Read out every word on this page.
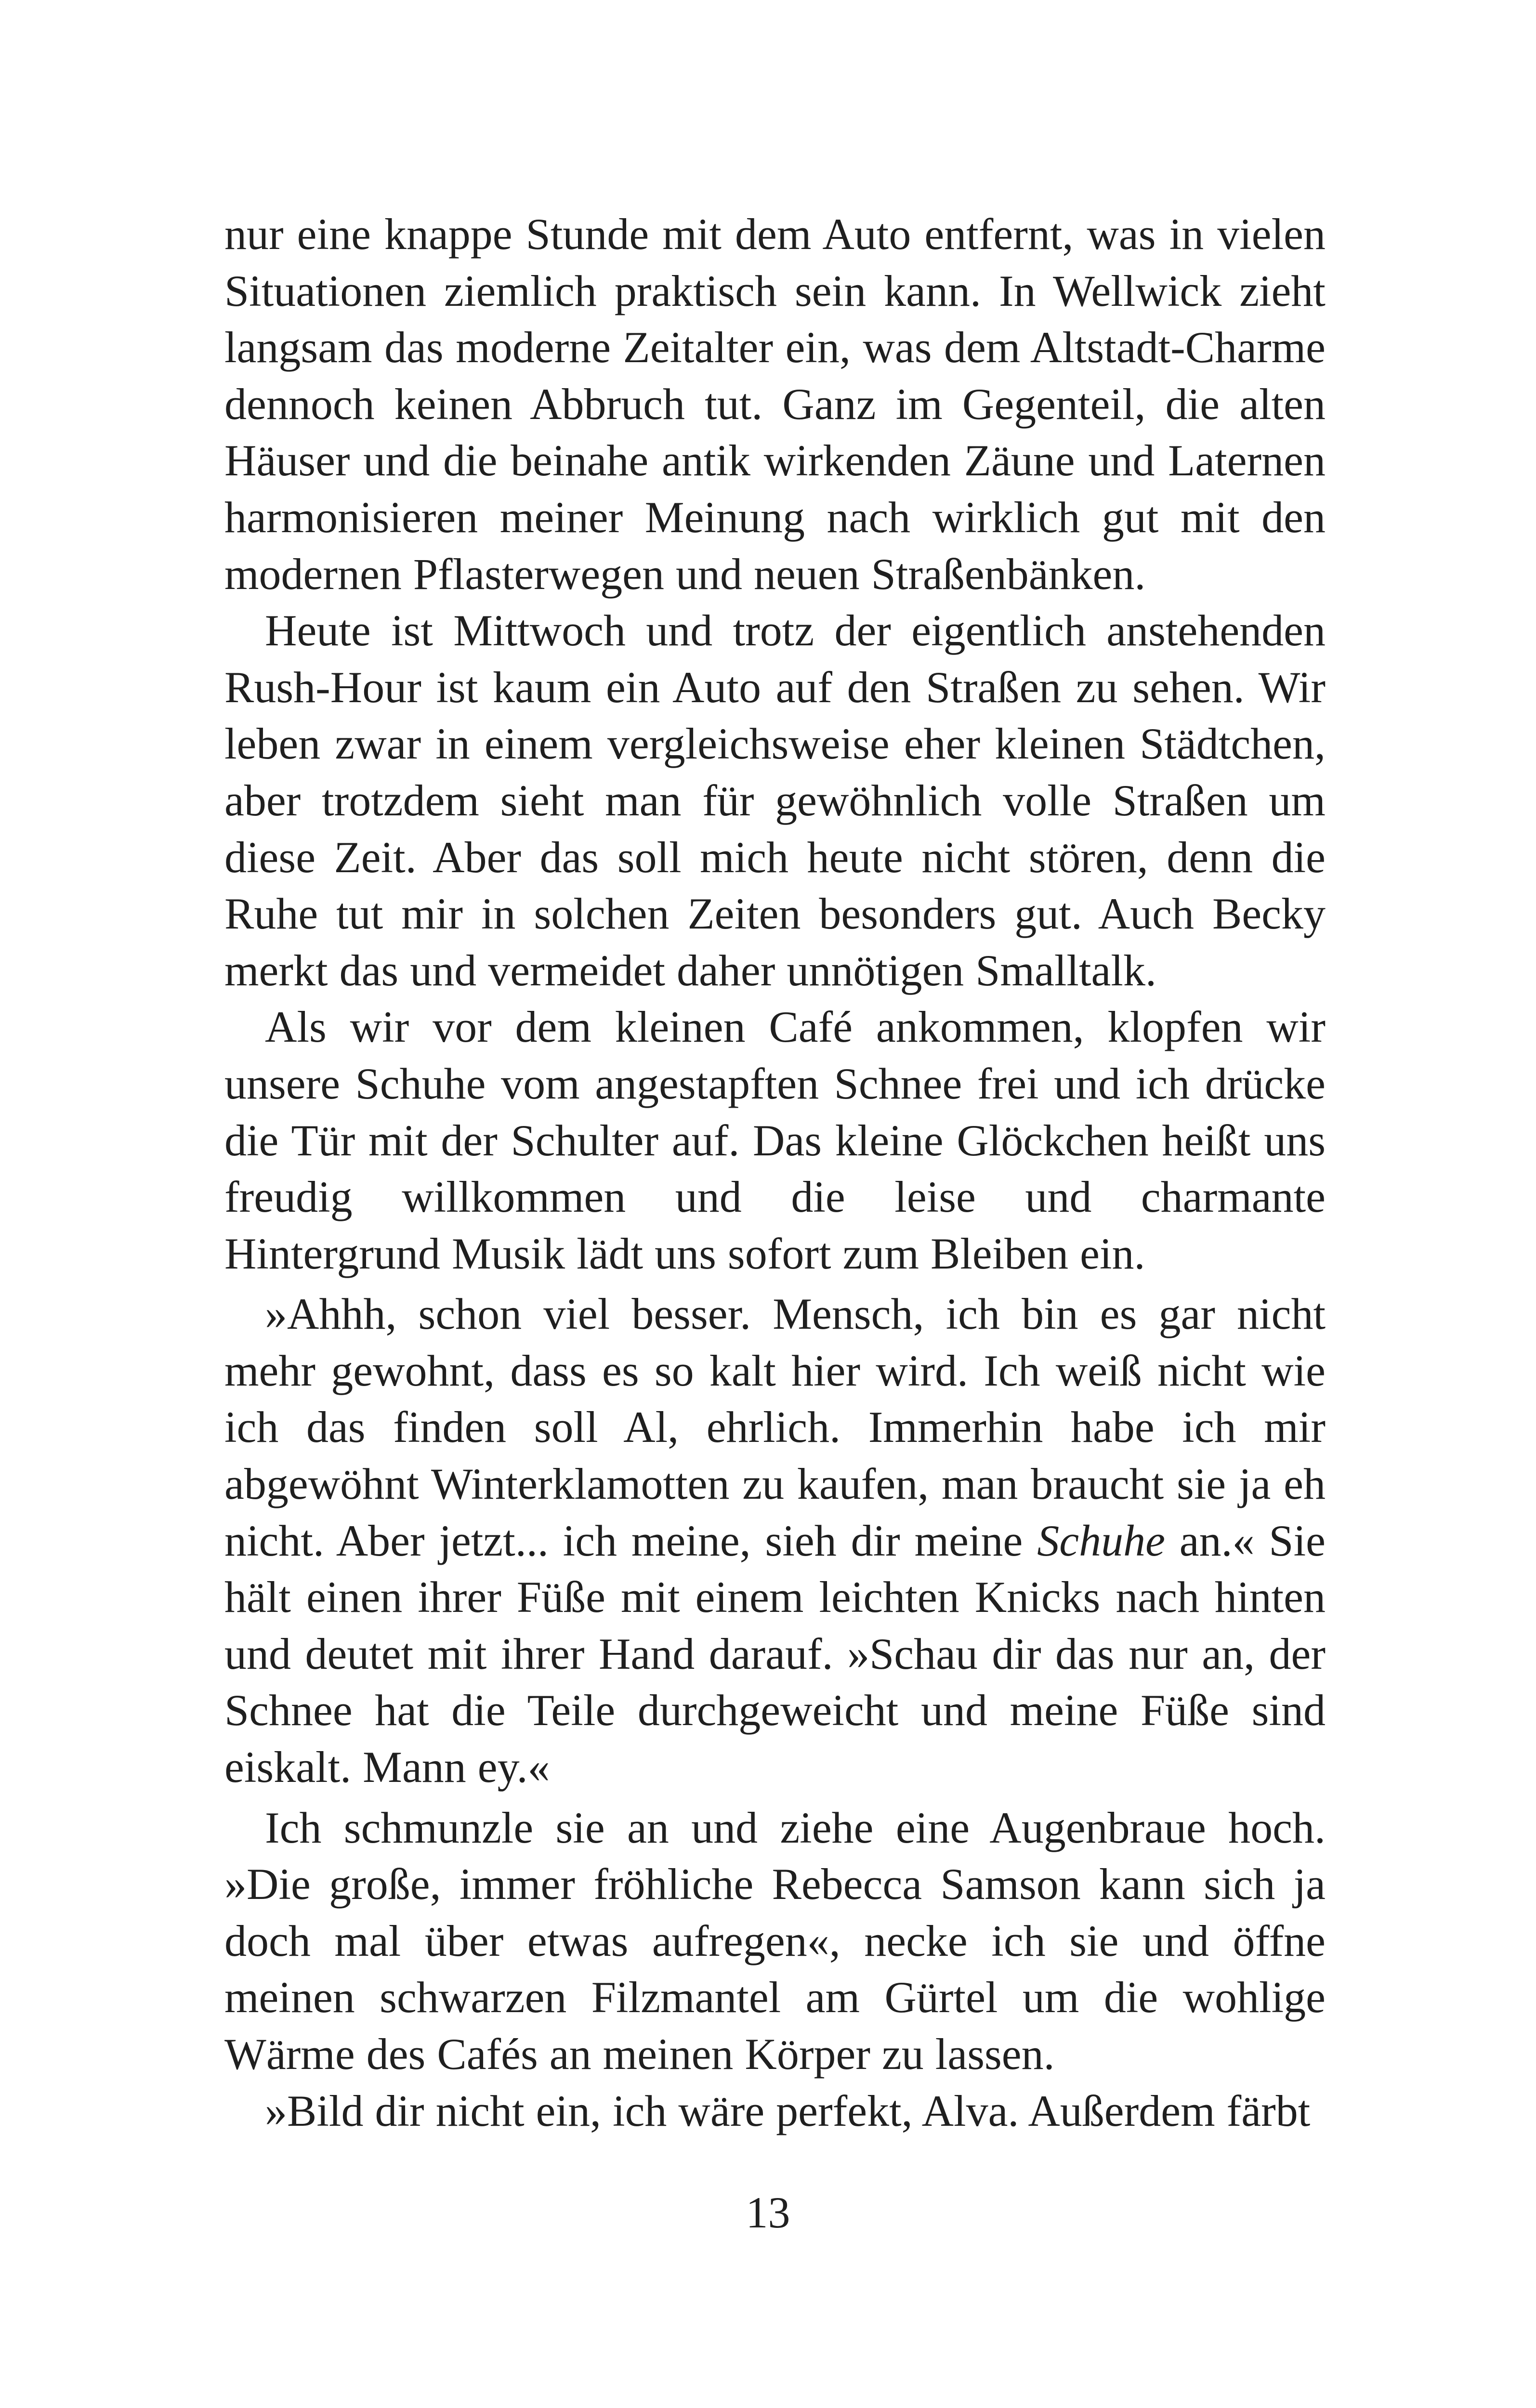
nur eine knappe Stunde mit dem Auto entfernt, was in vielen Situationen ziemlich praktisch sein kann. In Wellwick zieht langsam das moderne Zeitalter ein, was dem Altstadt-Charme dennoch keinen Abbruch tut. Ganz im Gegenteil, die alten Häuser und die beinahe antik wirkenden Zäune und Laternen harmonisieren meiner Meinung nach wirklich gut mit den modernen Pflasterwegen und neuen Straßenbänken.

Heute ist Mittwoch und trotz der eigentlich anstehenden Rush-Hour ist kaum ein Auto auf den Straßen zu sehen. Wir leben zwar in einem vergleichsweise eher kleinen Städtchen, aber trotzdem sieht man für gewöhnlich volle Straßen um diese Zeit. Aber das soll mich heute nicht stören, denn die Ruhe tut mir in solchen Zeiten besonders gut. Auch Becky merkt das und vermeidet daher unnötigen Smalltalk.

Als wir vor dem kleinen Café ankommen, klopfen wir unsere Schuhe vom angestapften Schnee frei und ich drücke die Tür mit der Schulter auf. Das kleine Glöckchen heißt uns freudig willkommen und die leise und charmante Hintergrund Musik lädt uns sofort zum Bleiben ein.

»Ahhh, schon viel besser. Mensch, ich bin es gar nicht mehr gewohnt, dass es so kalt hier wird. Ich weiß nicht wie ich das finden soll Al, ehrlich. Immerhin habe ich mir abgewöhnt Winterklamotten zu kaufen, man braucht sie ja eh nicht. Aber jetzt... ich meine, sieh dir meine Schuhe an.« Sie hält einen ihrer Füße mit einem leichten Knicks nach hinten und deutet mit ihrer Hand darauf. »Schau dir das nur an, der Schnee hat die Teile durchgeweicht und meine Füße sind eiskalt. Mann ey.«

Ich schmunzle sie an und ziehe eine Augenbraue hoch. »Die große, immer fröhliche Rebecca Samson kann sich ja doch mal über etwas aufregen«, necke ich sie und öffne meinen schwarzen Filzmantel am Gürtel um die wohlige Wärme des Cafés an meinen Körper zu lassen.

»Bild dir nicht ein, ich wäre perfekt, Alva. Außerdem färbt

13
